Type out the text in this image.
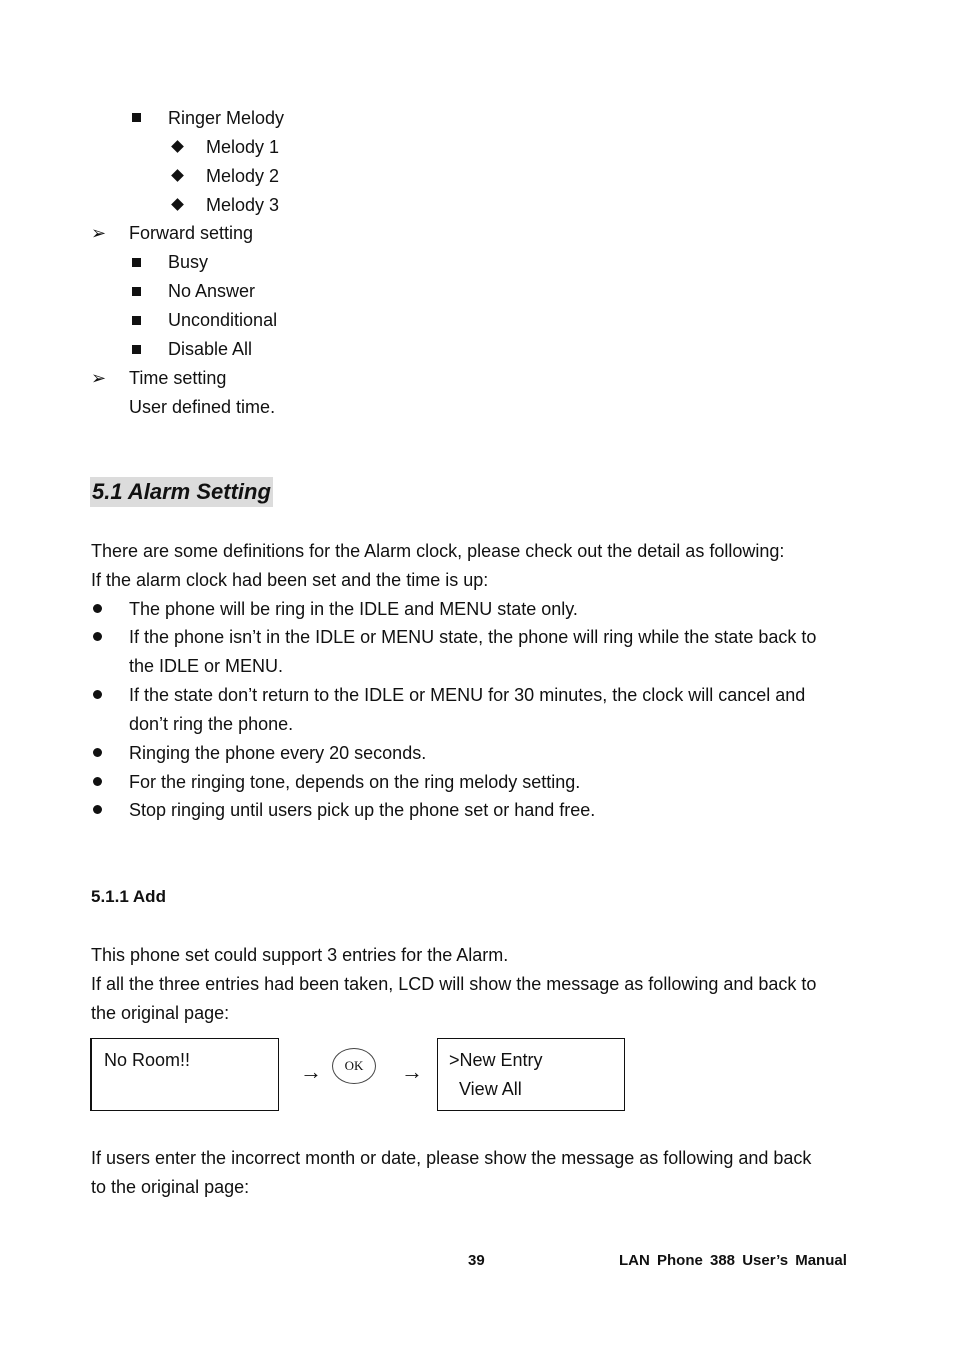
Ringer Melody
Melody 1
Melody 2
Melody 3
➢ Forward setting
Busy
No Answer
Unconditional
Disable All
➢ Time setting
User defined time.
5.1 Alarm Setting
There are some definitions for the Alarm clock, please check out the detail as following:
If the alarm clock had been set and the time is up:
The phone will be ring in the IDLE and MENU state only.
If the phone isn’t in the IDLE or MENU state, the phone will ring while the state back to
the IDLE or MENU.
If the state don’t return to the IDLE or MENU for 30 minutes, the clock will cancel and
don’t ring the phone.
Ringing the phone every 20 seconds.
For the ringing tone, depends on the ring melody setting.
Stop ringing until users pick up the phone set or hand free.
5.1.1 Add
This phone set could support 3 entries for the Alarm.
If all the three entries had been taken, LCD will show the message as following and back to
the original page:
No Room!!	→	OK	→ >New Entry
View All
If users enter the incorrect month or date, please show the message as following and back
to the original page:
39	LAN Phone 388 User’s Manual
